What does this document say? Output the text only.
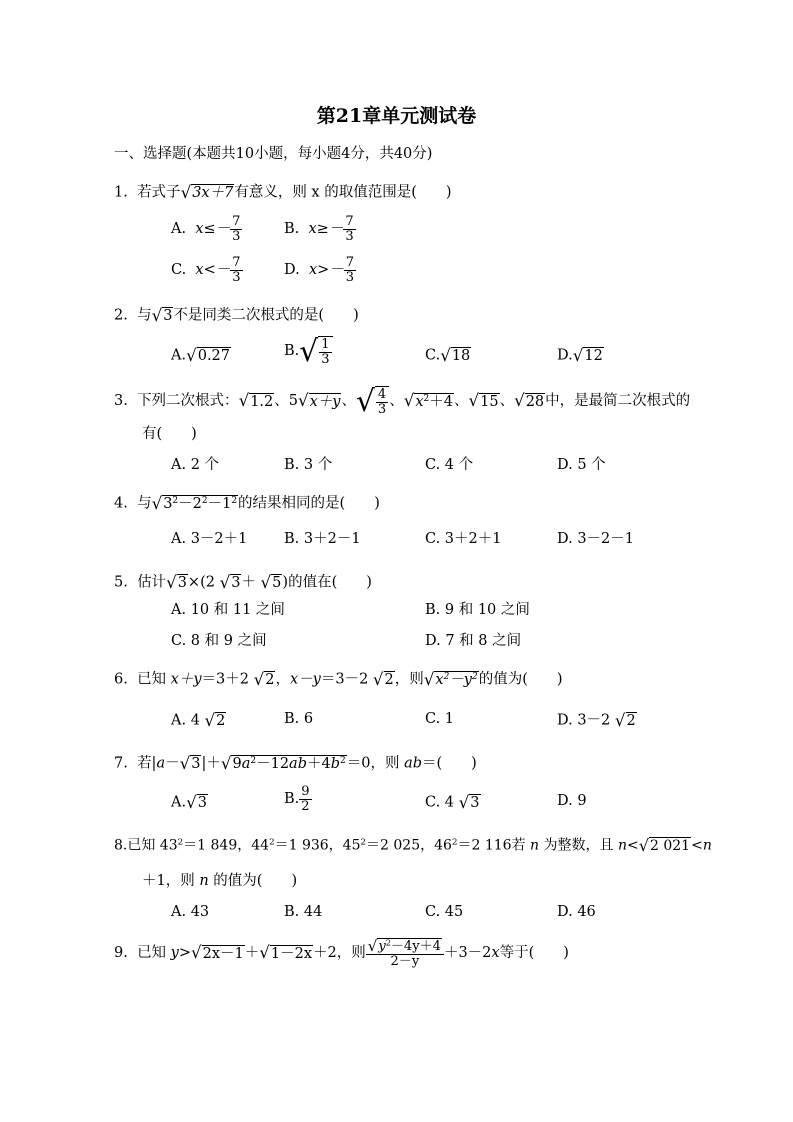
第21章单元测试卷
一、选择题(本题共10小题，每小题4分，共40分)
1. 若式子 √ 3x＋7 有意义，则 x 的取值范围是(　　)
A. $x\le- \frac{7}{3}$	B. $x\ge- \frac{7}{3}$
C. $x<- \frac{7}{3}$	D. $x>- \frac{7}{3}$
2. 与 √ 3 不是同类二次根式的是(　　)
A. √ 0.27	B. √ $\frac{1}{3}$	C. √ 18	D. √ 12
3. 下列二次根式： √ 1.2 、5 √ x＋y 、 √ $\frac{4}{3}$ 、 √ $x^2+4$ 、 √ 15 、 √ 28 中，是最简二次根式的
有(　　)
A. 2 个	B. 3 个	C. 4 个	D. 5 个
4. 与 √ $3^2-2^2-1^2$ 的结果相同的是(　　)
A. 3－2＋1	B. 3＋2－1	C. 3＋2＋1	D. 3－2－1
5. 估计 √ 3 ×(2 √ 3 ＋ √ 5 )的值在(　　)
A. 10 和 11 之间	B. 9 和 10 之间
C. 8 和 9 之间	D. 7 和 8 之间
6. 已知 x＋y＝3＋2 √ 2 ，x－y＝3－2 √ 2 ，则 √ $x^2-y^2$ 的值为(　　)
A. 4 √ 2	B. 6	C. 1	D. 3－2 √ 2
7. 若|a－ √ 3 |＋ √ $9a^2-12ab+4b^2 =0$，则 ab＝(　　)
A. √ 3	B. $\frac{9}{2}$	C. 4 √ 3	D. 9
8.已知 $43^2=1$ 849，$44^2=1$ 936，$45^2=2$ 025，$46^2=2$ 116若 n 为整数，且 n< √ 2 021 <n
＋1，则 n 的值为(　　)
A. 43	B. 44	C. 45	D. 46
9. 已知 y> √ 2x－1 ＋ √ 1－2x ＋2，则 $\frac{√ y^2-4y+4}{2-y} +3-2x$等于(　　)
